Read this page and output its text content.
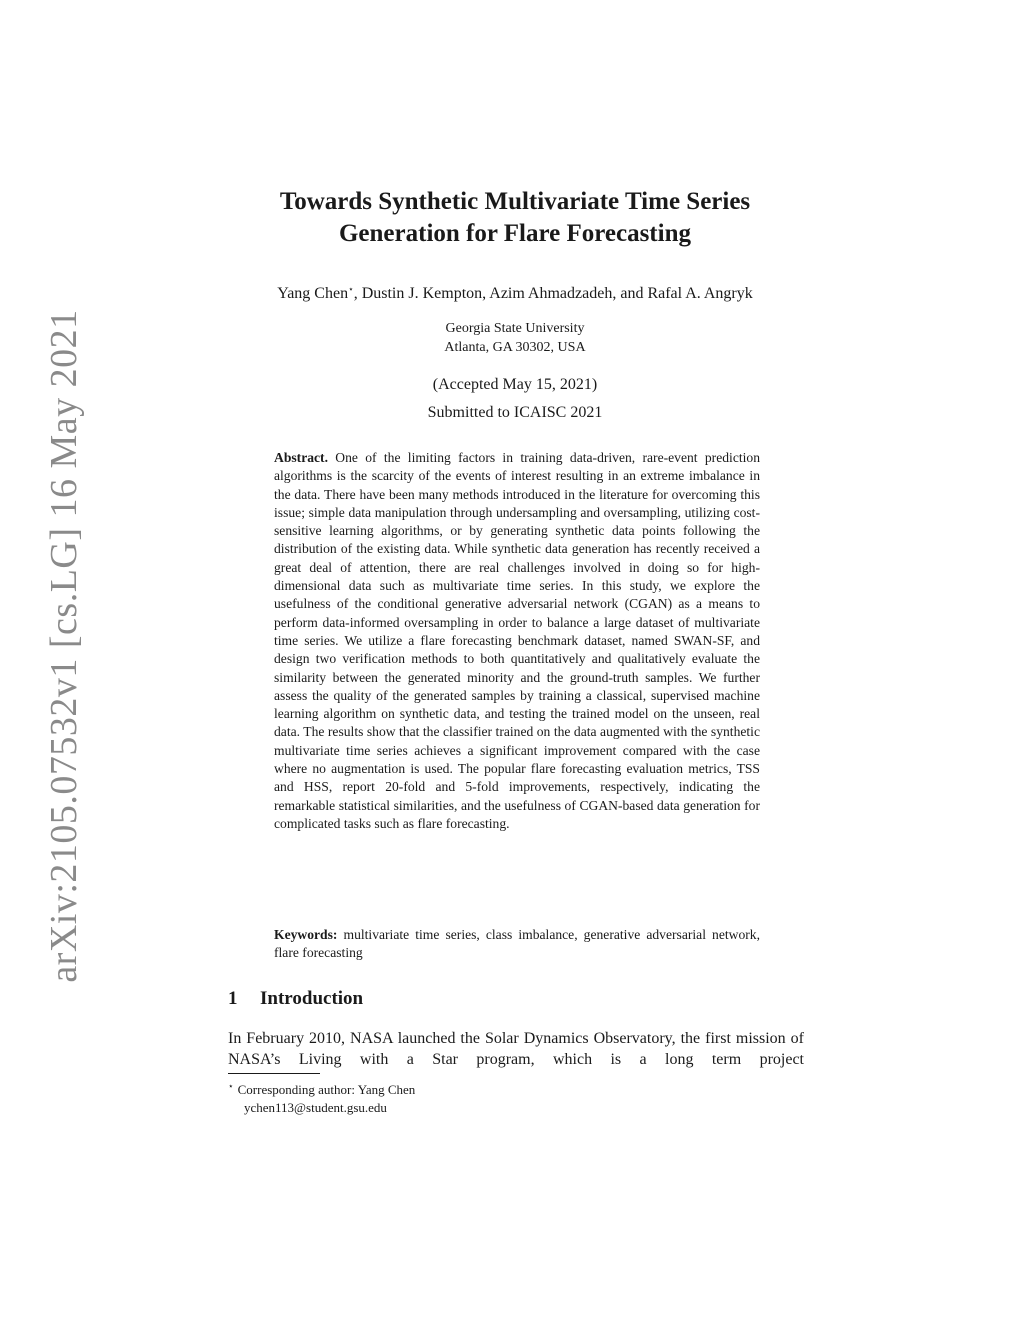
arXiv:2105.07532v1 [cs.LG] 16 May 2021
Towards Synthetic Multivariate Time Series
Generation for Flare Forecasting
Yang Chen⋆, Dustin J. Kempton, Azim Ahmadzadeh, and Rafal A. Angryk
Georgia State University
Atlanta, GA 30302, USA
(Accepted May 15, 2021)
Submitted to ICAISC 2021
Abstract. One of the limiting factors in training data-driven, rare-event prediction algorithms is the scarcity of the events of interest resulting in an extreme imbalance in the data. There have been many methods introduced in the literature for overcoming this issue; simple data manipulation through undersampling and oversampling, utilizing cost-sensitive learning algorithms, or by generating synthetic data points following the distribution of the existing data. While synthetic data generation has recently received a great deal of attention, there are real challenges involved in doing so for high-dimensional data such as multivariate time series. In this study, we explore the usefulness of the conditional generative adversarial network (CGAN) as a means to perform data-informed oversampling in order to balance a large dataset of multivariate time series. We utilize a flare forecasting benchmark dataset, named SWAN-SF, and design two verification methods to both quantitatively and qualitatively evaluate the similarity between the generated minority and the ground-truth samples. We further assess the quality of the generated samples by training a classical, supervised machine learning algorithm on synthetic data, and testing the trained model on the unseen, real data. The results show that the classifier trained on the data augmented with the synthetic multivariate time series achieves a significant improvement compared with the case where no augmentation is used. The popular flare forecasting evaluation metrics, TSS and HSS, report 20-fold and 5-fold improvements, respectively, indicating the remarkable statistical similarities, and the usefulness of CGAN-based data generation for complicated tasks such as flare forecasting.
Keywords: multivariate time series, class imbalance, generative adversarial network, flare forecasting
1 Introduction
In February 2010, NASA launched the Solar Dynamics Observatory, the first mission of NASA’s Living with a Star program, which is a long term project
⋆ Corresponding author: Yang Chen
ychen113@student.gsu.edu
